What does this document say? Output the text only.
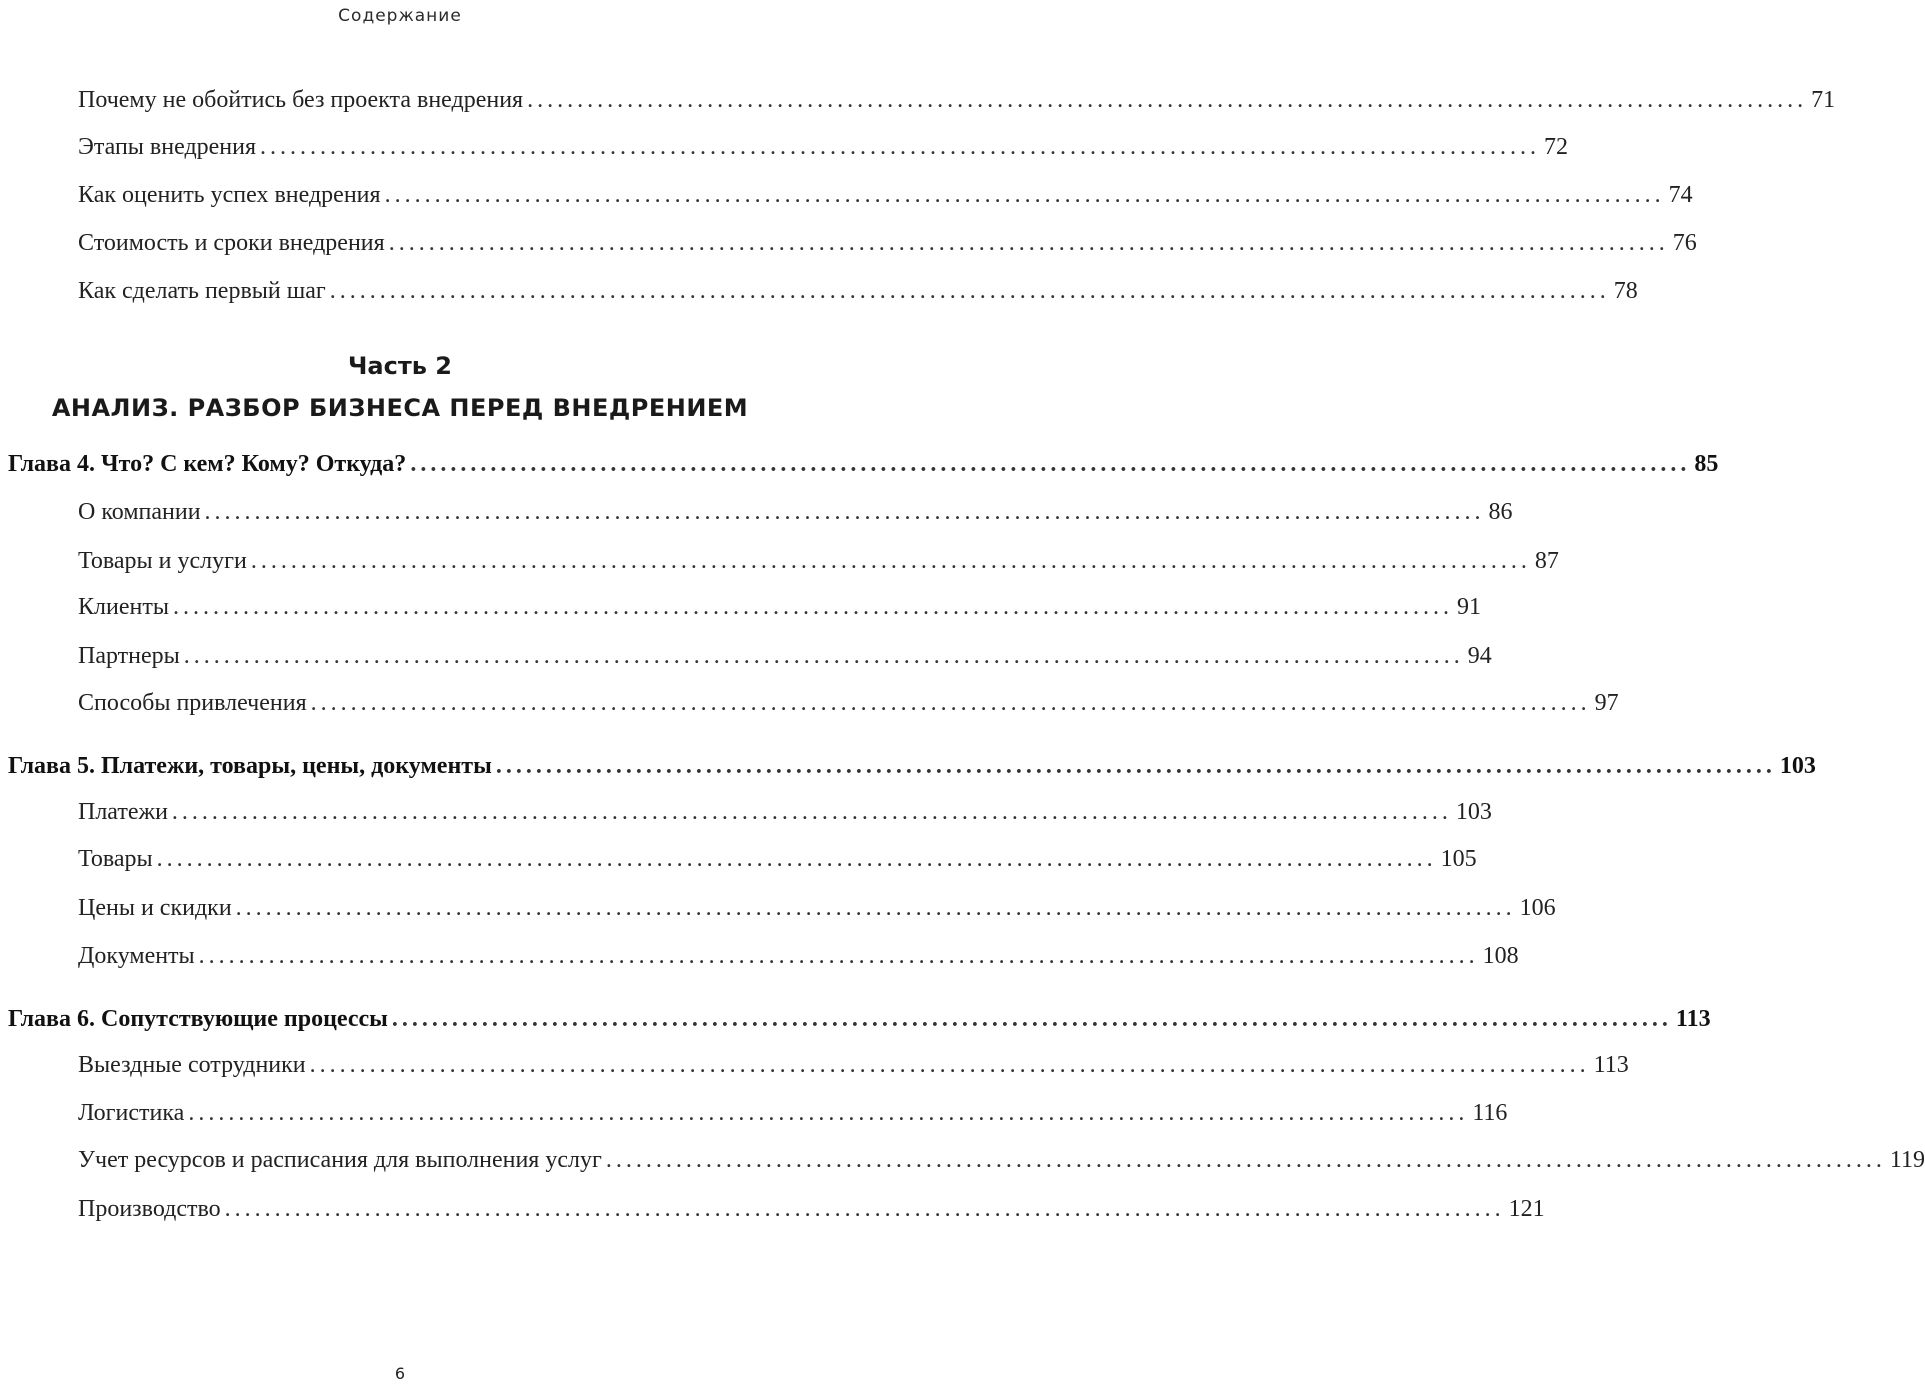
Содержание
Почему не обойтись без проекта внедрения ................................................................................................................................ 71
Этапы внедрения ................................................................................................................................ 72
Как оценить успех внедрения ................................................................................................................................ 74
Стоимость и сроки внедрения ................................................................................................................................ 76
Как сделать первый шаг ................................................................................................................................ 78
Часть 2
АНАЛИЗ. РАЗБОР БИЗНЕСА ПЕРЕД ВНЕДРЕНИЕМ
Глава 4. Что? С кем? Кому? Откуда? ................................................................................................................................ 85
О компании ................................................................................................................................ 86
Товары и услуги ................................................................................................................................ 87
Клиенты ................................................................................................................................ 91
Партнеры ................................................................................................................................ 94
Способы привлечения ................................................................................................................................ 97
Глава 5. Платежи, товары, цены, документы ................................................................................................................................ 103
Платежи ................................................................................................................................ 103
Товары ................................................................................................................................ 105
Цены и скидки ................................................................................................................................ 106
Документы ................................................................................................................................ 108
Глава 6. Сопутствующие процессы ................................................................................................................................ 113
Выездные сотрудники ................................................................................................................................ 113
Логистика ................................................................................................................................ 116
Учет ресурсов и расписания для выполнения услуг ................................................................................................................................ 119
Производство ................................................................................................................................ 121
6
